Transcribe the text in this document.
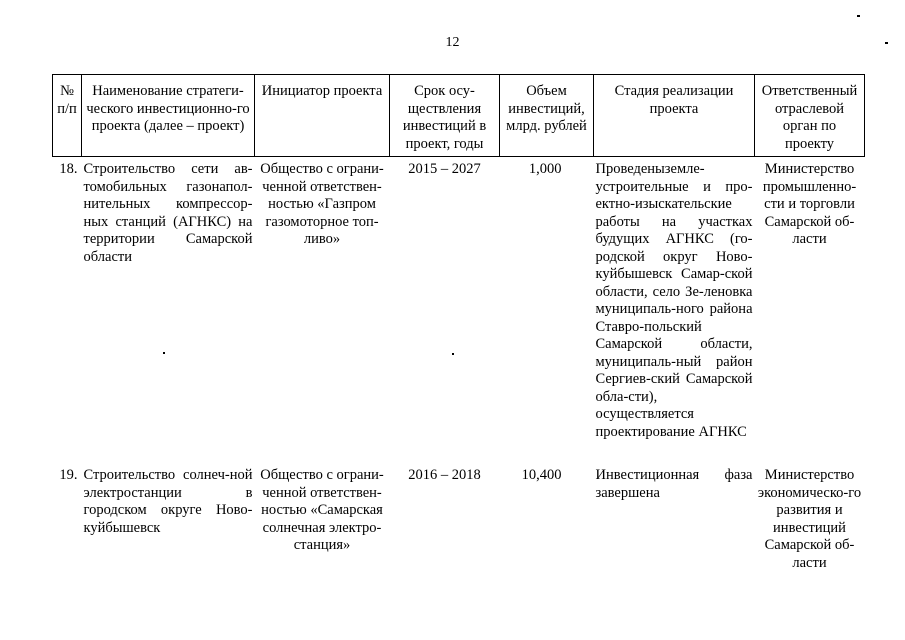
12
№ п/п	Наименование стратеги-ческого инвестиционно-го проекта (далее – проект)	Инициатор проекта	Срок осу-ществления инвестиций в проект, годы	Объем инвестиций, млрд. рублей	Стадия реализации проекта	Ответственный отраслевой орган по проекту
18.	Строительство сети ав-томобильных газонапол-нительных компрессор-ных станций (АГНКС) на территории Самарской области	Общество с ограни-ченной ответствен-ностью «Газпром газомоторное топ-ливо»	2015 – 2027	1,000	Проведеныземле-устроительные и про-ектно-изыскательские работы на участках будущих АГНКС (го-родской округ Ново-куйбышевск Самар-ской области, село Зе-леновка муниципаль-ного района Ставро-польский Самарской области, муниципаль-ный район Сергиев-ский Самарской обла-сти), осуществляется проектирование АГНКС	Министерство промышленно-сти и торговли Самарской об-ласти
19.	Строительство солнеч-ной электростанции в городском округе Ново-куйбышевск	Общество с ограни-ченной ответствен-ностью «Самарская солнечная электро-станция»	2016 – 2018	10,400	Инвестиционная фаза завершена	Министерство экономическо-го развития и инвестиций Самарской об-ласти
